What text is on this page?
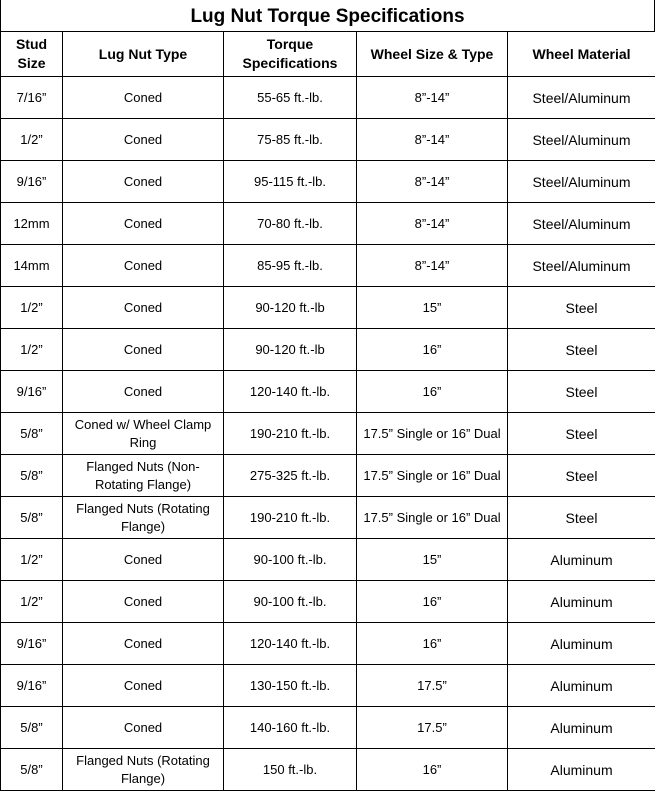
Lug Nut Torque Specifications
Stud Size	Lug Nut Type	Torque Specifications	Wheel Size & Type	Wheel Material
7/16”	Coned	55-65 ft.-lb.	8”-14”	Steel/Aluminum
1/2”	Coned	75-85 ft.-lb.	8”-14”	Steel/Aluminum
9/16”	Coned	95-115 ft.-lb.	8”-14”	Steel/Aluminum
12mm	Coned	70-80 ft.-lb.	8”-14”	Steel/Aluminum
14mm	Coned	85-95 ft.-lb.	8”-14”	Steel/Aluminum
1/2”	Coned	90-120 ft.-lb	15”	Steel
1/2”	Coned	90-120 ft.-lb	16”	Steel
9/16”	Coned	120-140 ft.-lb.	16”	Steel
5/8”	Coned w/ Wheel Clamp Ring	190-210 ft.-lb.	17.5” Single or 16” Dual	Steel
5/8”	Flanged Nuts (Non-Rotating Flange)	275-325 ft.-lb.	17.5” Single or 16” Dual	Steel
5/8”	Flanged Nuts (Rotating Flange)	190-210 ft.-lb.	17.5” Single or 16” Dual	Steel
1/2”	Coned	90-100 ft.-lb.	15”	Aluminum
1/2”	Coned	90-100 ft.-lb.	16”	Aluminum
9/16”	Coned	120-140 ft.-lb.	16”	Aluminum
9/16”	Coned	130-150 ft.-lb.	17.5”	Aluminum
5/8”	Coned	140-160 ft.-lb.	17.5”	Aluminum
5/8”	Flanged Nuts (Rotating Flange)	150 ft.-lb.	16”	Aluminum
